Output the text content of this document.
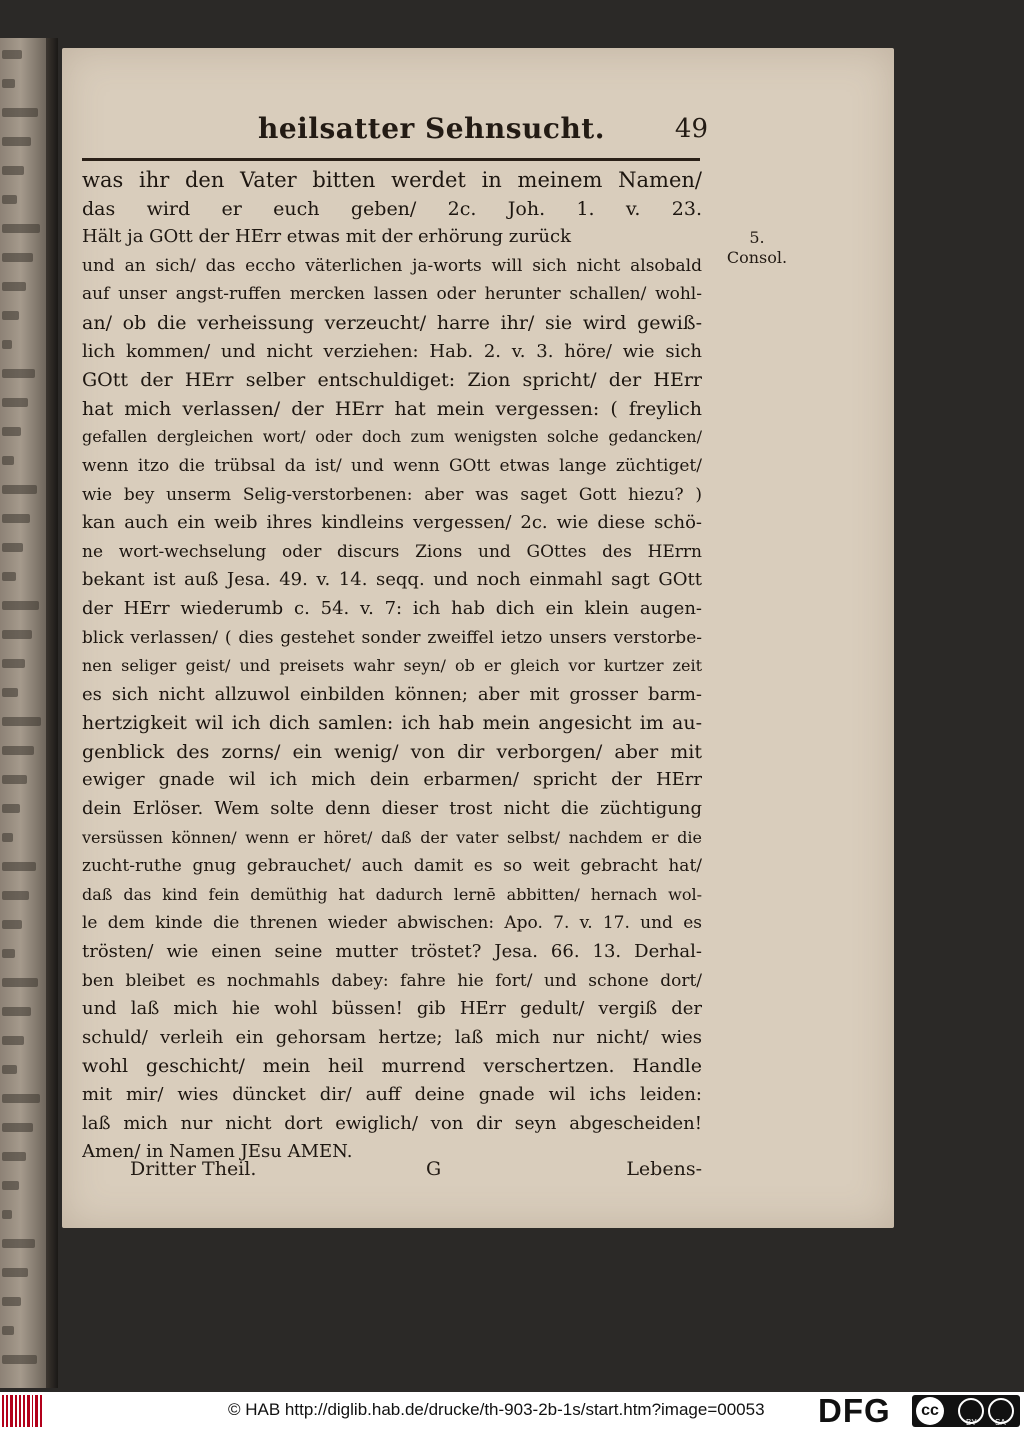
heilsatter Sehnsucht.	49
was ihr den Vater bitten werdet in meinem Namen/
das wird er euch geben/ 2c. Joh. 1. v. 23.
Hält ja GOtt der HErr etwas mit der erhörung zurück
und an sich/ das eccho väterlichen ja-worts will sich nicht alsobald
auf unser angst-ruffen mercken lassen oder herunter schallen/ wohl-
an/ ob die verheissung verzeucht/ harre ihr/ sie wird gewiß-
lich kommen/ und nicht verziehen: Hab. 2. v. 3. höre/ wie sich
GOtt der HErr selber entschuldiget: Zion spricht/ der HErr
hat mich verlassen/ der HErr hat mein vergessen: ( freylich
gefallen dergleichen wort/ oder doch zum wenigsten solche gedancken/
wenn itzo die trübsal da ist/ und wenn GOtt etwas lange züchtiget/
wie bey unserm Selig-verstorbenen: aber was saget Gott hiezu? )
kan auch ein weib ihres kindleins vergessen/ 2c. wie diese schö-
ne wort-wechselung oder discurs Zions und GOttes des HErrn
bekant ist auß Jesa. 49. v. 14. seqq. und noch einmahl sagt GOtt
der HErr wiederumb c. 54. v. 7: ich hab dich ein klein augen-
blick verlassen/ ( dies gestehet sonder zweiffel ietzo unsers verstorbe-
nen seliger geist/ und preisets wahr seyn/ ob er gleich vor kurtzer zeit
es sich nicht allzuwol einbilden können; aber mit grosser barm-
hertzigkeit wil ich dich samlen: ich hab mein angesicht im au-
genblick des zorns/ ein wenig/ von dir verborgen/ aber mit
ewiger gnade wil ich mich dein erbarmen/ spricht der HErr
dein Erlöser. Wem solte denn dieser trost nicht die züchtigung
versüssen können/ wenn er höret/ daß der vater selbst/ nachdem er die
zucht-ruthe gnug gebrauchet/ auch damit es so weit gebracht hat/
daß das kind fein demüthig hat dadurch lernē abbitten/ hernach wol-
le dem kinde die threnen wieder abwischen: Apo. 7. v. 17. und es
trösten/ wie einen seine mutter tröstet? Jesa. 66. 13. Derhal-
ben bleibet es nochmahls dabey: fahre hie fort/ und schone dort/
und laß mich hie wohl büssen! gib HErr gedult/ vergiß der
schuld/ verleih ein gehorsam hertze; laß mich nur nicht/ wies
wohl geschicht/ mein heil murrend verschertzen. Handle
mit mir/ wies düncket dir/ auff deine gnade wil ichs leiden:
laß mich nur nicht dort ewiglich/ von dir seyn abgescheiden!
Amen/ in Namen JEsu AMEN.
5.
Consol.
Dritter Theil.	G	Lebens-
© HAB http://diglib.hab.de/drucke/th-903-2b-1s/start.htm?image=00053 DFG	cc
BY SA
